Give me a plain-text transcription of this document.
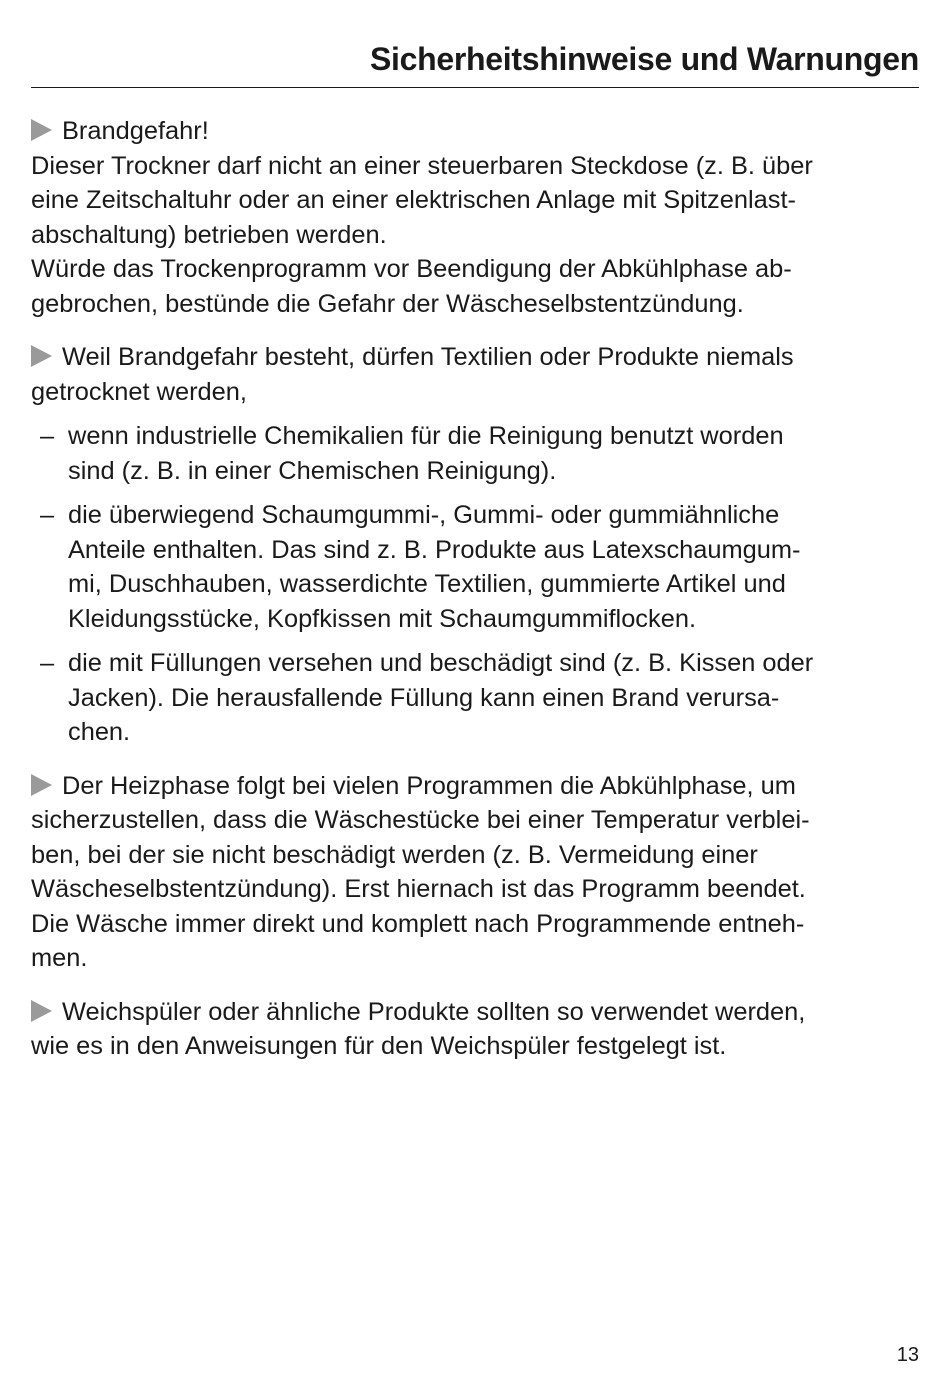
Sicherheitshinweise und Warnungen

Brandgefahr!

Dieser Trockner darf nicht an einer steuerbaren Steckdose (z. B. über

eine Zeitschaltuhr oder an einer elektrischen Anlage mit Spitzenlast-

abschaltung) betrieben werden.

Würde das Trockenprogramm vor Beendigung der Abkühlphase ab-

gebrochen, bestünde die Gefahr der Wäscheselbstentzündung.

Weil Brandgefahr besteht, dürfen Textilien oder Produkte niemals

getrocknet werden,

– wenn industrielle Chemikalien für die Reinigung benutzt worden

sind (z. B. in einer Chemischen Reinigung).

– die überwiegend Schaumgummi-, Gummi- oder gummiähnliche

Anteile enthalten. Das sind z. B. Produkte aus Latexschaumgum-

mi, Duschhauben, wasserdichte Textilien, gummierte Artikel und

Kleidungsstücke, Kopfkissen mit Schaumgummiflocken.

– die mit Füllungen versehen und beschädigt sind (z. B. Kissen oder

Jacken). Die herausfallende Füllung kann einen Brand verursa-

chen.

Der Heizphase folgt bei vielen Programmen die Abkühlphase, um

sicherzustellen, dass die Wäschestücke bei einer Temperatur verblei-

ben, bei der sie nicht beschädigt werden (z. B. Vermeidung einer

Wäscheselbstentzündung). Erst hiernach ist das Programm beendet.

Die Wäsche immer direkt und komplett nach Programmende entneh-

men.

Weichspüler oder ähnliche Produkte sollten so verwendet werden,

wie es in den Anweisungen für den Weichspüler festgelegt ist.

13
